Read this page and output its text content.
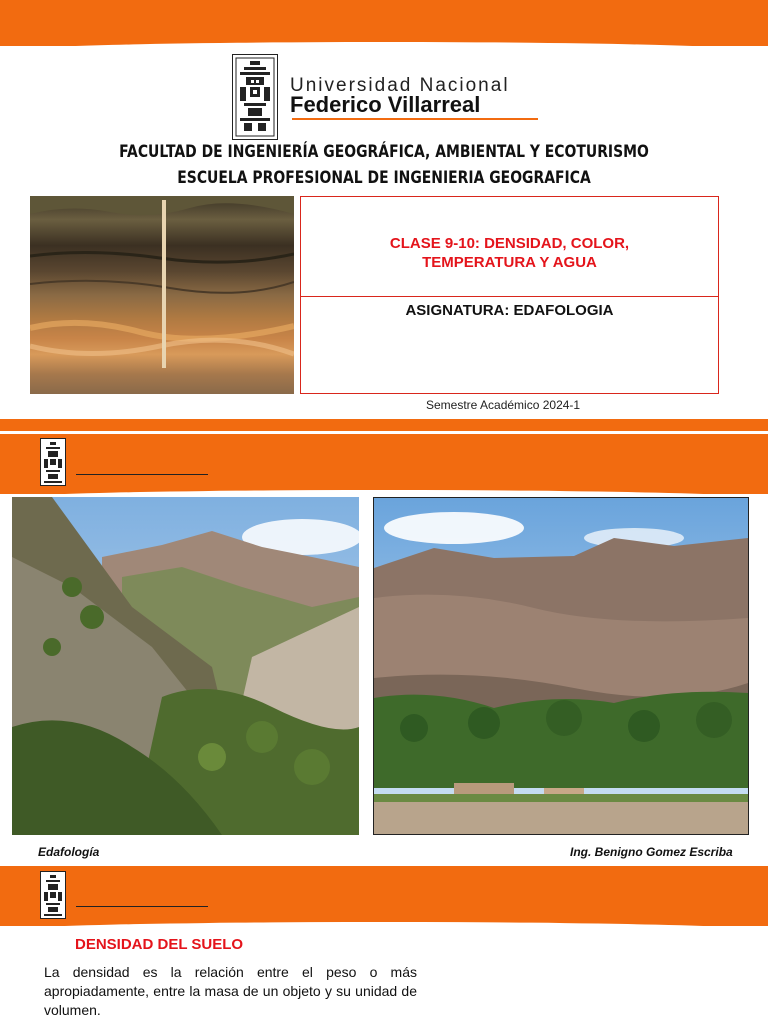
Universidad Nacional
Federico Villarreal
FACULTAD DE INGENIERÍA GEOGRÁFICA, AMBIENTAL Y ECOTURISMO
ESCUELA PROFESIONAL DE INGENIERIA GEOGRAFICA
CLASE 9-10: DENSIDAD, COLOR,
TEMPERATURA Y AGUA
ASIGNATURA: EDAFOLOGIA
Semestre Académico 2024-1
Edafología	Ing. Benigno Gomez Escriba
DENSIDAD DEL SUELO
La densidad es la relación entre el peso o más apropiadamente, entre la masa de un objeto y su unidad de volumen.
